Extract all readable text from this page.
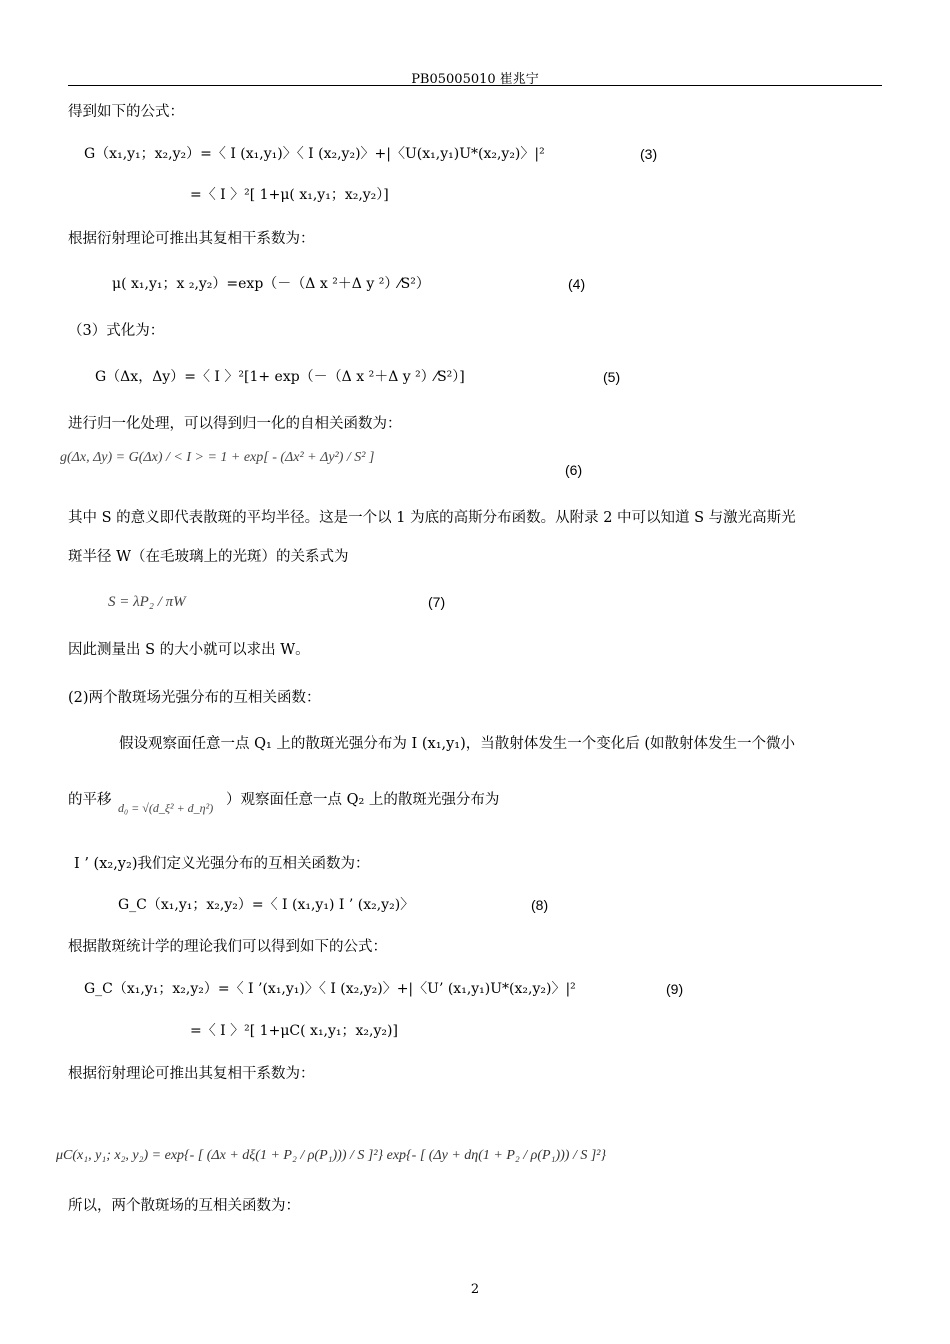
PB05005010 崔兆宁
得到如下的公式：
G（x₁,y₁；x₂,y₂）=〈 I (x₁,y₁)〉〈 I (x₂,y₂)〉+|〈U(x₁,y₁)U*(x₂,y₂)〉|²	(3)
=〈 I 〉²[ 1+μ( x₁,y₁；x₂,y₂）]
根据衍射理论可推出其复相干系数为：
μ( x₁,y₁；x ₂,y₂）=exp（－（Δ x ²＋Δ y ²）⁄S²）	(4)
（3）式化为：
G（Δx，Δy）=〈 I 〉²[1+ exp（－（Δ x ²＋Δ y ²）⁄S²）]	(5)
进行归一化处理，可以得到归一化的自相关函数为：
g(Δx, Δy) = G(Δx) / < I > = 1 + exp[ - (Δx² + Δy²) / S² ]
(6)
其中 S 的意义即代表散斑的平均半径。这是一个以 1 为底的高斯分布函数。从附录 2 中可以知道 S 与激光高斯光
斑半径 W（在毛玻璃上的光斑）的关系式为
S = λP₂ / πW	(7)
因此测量出 S 的大小就可以求出 W。
(2)两个散斑场光强分布的互相关函数：
假设观察面任意一点 Q₁ 上的散斑光强分布为 I (x₁,y₁)，当散射体发生一个变化后 (如散射体发生一个微小
的平移 d₀ = √(d_ξ² + d_η²) ）观察面任意一点 Q₂ 上的散斑光强分布为
I ’ (x₂,y₂)我们定义光强分布的互相关函数为：
G_C（x₁,y₁；x₂,y₂）=〈 I (x₁,y₁) I ’ (x₂,y₂)〉	(8)
根据散斑统计学的理论我们可以得到如下的公式：
G_C（x₁,y₁；x₂,y₂）=〈 I ’(x₁,y₁)〉〈 I (x₂,y₂)〉+|〈U’ (x₁,y₁)U*(x₂,y₂)〉|²	(9)
=〈 I 〉²[ 1+μC( x₁,y₁；x₂,y₂)]
根据衍射理论可推出其复相干系数为：
μC(x₁, y₁; x₂, y₂) = exp{- [ (Δx + dξ(1 + P₂ / ρ(P₁))) / S ]²} exp{- [ (Δy + dη(1 + P₂ / ρ(P₁))) / S ]²}
所以，两个散斑场的互相关函数为：
2
